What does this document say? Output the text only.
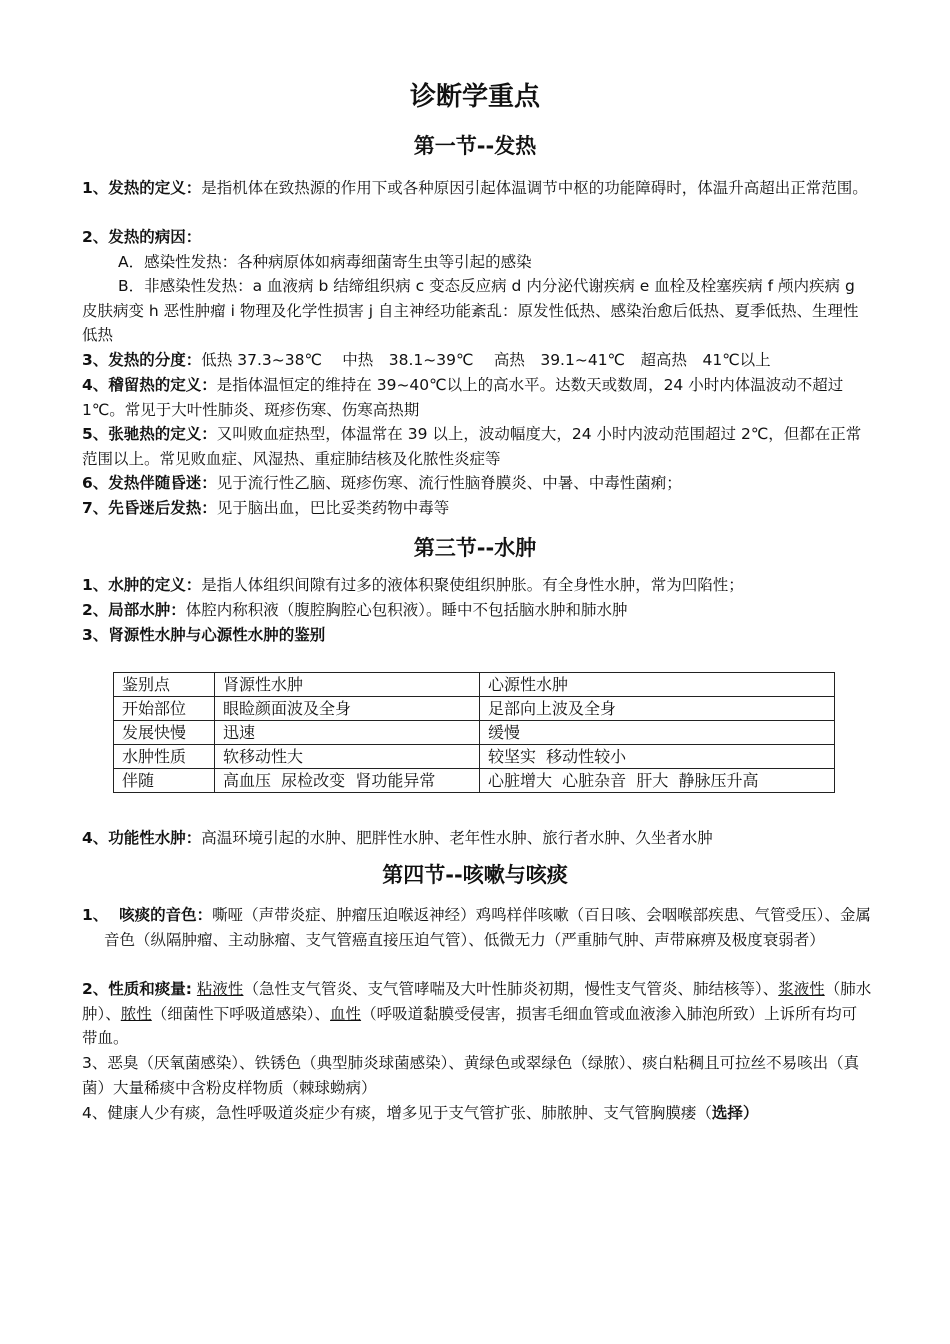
诊断学重点
第一节--发热
1、发热的定义：是指机体在致热源的作用下或各种原因引起体温调节中枢的功能障碍时，体温升高超出正常范围。
2、发热的病因：
A．感染性发热：各种病原体如病毒细菌寄生虫等引起的感染
B．非感染性发热：a 血液病 b 结缔组织病 c 变态反应病 d 内分泌代谢疾病 e 血栓及栓塞疾病 f 颅内疾病 g 皮肤病变 h 恶性肿瘤 i 物理及化学性损害 j 自主神经功能紊乱：原发性低热、感染治愈后低热、夏季低热、生理性低热
3、发热的分度：低热 37.3~38℃　 中热　38.1~39℃　 高热　39.1~41℃　超高热　41℃以上
4、稽留热的定义：是指体温恒定的维持在 39~40℃以上的高水平。达数天或数周，24 小时内体温波动不超过 1℃。常见于大叶性肺炎、斑疹伤寒、伤寒高热期
5、张驰热的定义：又叫败血症热型，体温常在 39 以上，波动幅度大，24 小时内波动范围超过 2℃，但都在正常范围以上。常见败血症、风湿热、重症肺结核及化脓性炎症等
6、发热伴随昏迷：见于流行性乙脑、斑疹伤寒、流行性脑脊膜炎、中暑、中毒性菌痢；
7、先昏迷后发热：见于脑出血，巴比妥类药物中毒等
第三节--水肿
1、水肿的定义：是指人体组织间隙有过多的液体积聚使组织肿胀。有全身性水肿，常为凹陷性；
2、局部水肿：体腔内称积液（腹腔胸腔心包积液）。睡中不包括脑水肿和肺水肿
3、肾源性水肿与心源性水肿的鉴别
鉴别点	肾源性水肿	心源性水肿
开始部位	眼睑颜面波及全身	足部向上波及全身
发展快慢	迅速	缓慢
水肿性质	软移动性大	较坚实  移动性较小
伴随	高血压  尿检改变  肾功能异常	心脏增大  心脏杂音  肝大  静脉压升高
4、功能性水肿：高温环境引起的水肿、肥胖性水肿、老年性水肿、旅行者水肿、久坐者水肿
第四节--咳嗽与咳痰
1、  咳痰的音色：嘶哑（声带炎症、肿瘤压迫喉返神经）鸡鸣样伴咳嗽（百日咳、会咽喉部疾患、气管受压）、金属音色（纵隔肿瘤、主动脉瘤、支气管癌直接压迫气管）、低微无力（严重肺气肿、声带麻痹及极度衰弱者）
2、性质和痰量: 粘液性（急性支气管炎、支气管哮喘及大叶性肺炎初期，慢性支气管炎、肺结核等）、浆液性（肺水肿）、脓性（细菌性下呼吸道感染）、血性（呼吸道黏膜受侵害，损害毛细血管或血液渗入肺泡所致）上诉所有均可带血。
3、恶臭（厌氧菌感染）、铁锈色（典型肺炎球菌感染）、黄绿色或翠绿色（绿脓）、痰白粘稠且可拉丝不易咳出（真菌）大量稀痰中含粉皮样物质（棘球蚴病）
4、健康人少有痰，急性呼吸道炎症少有痰，增多见于支气管扩张、肺脓肿、支气管胸膜瘘（选择）
